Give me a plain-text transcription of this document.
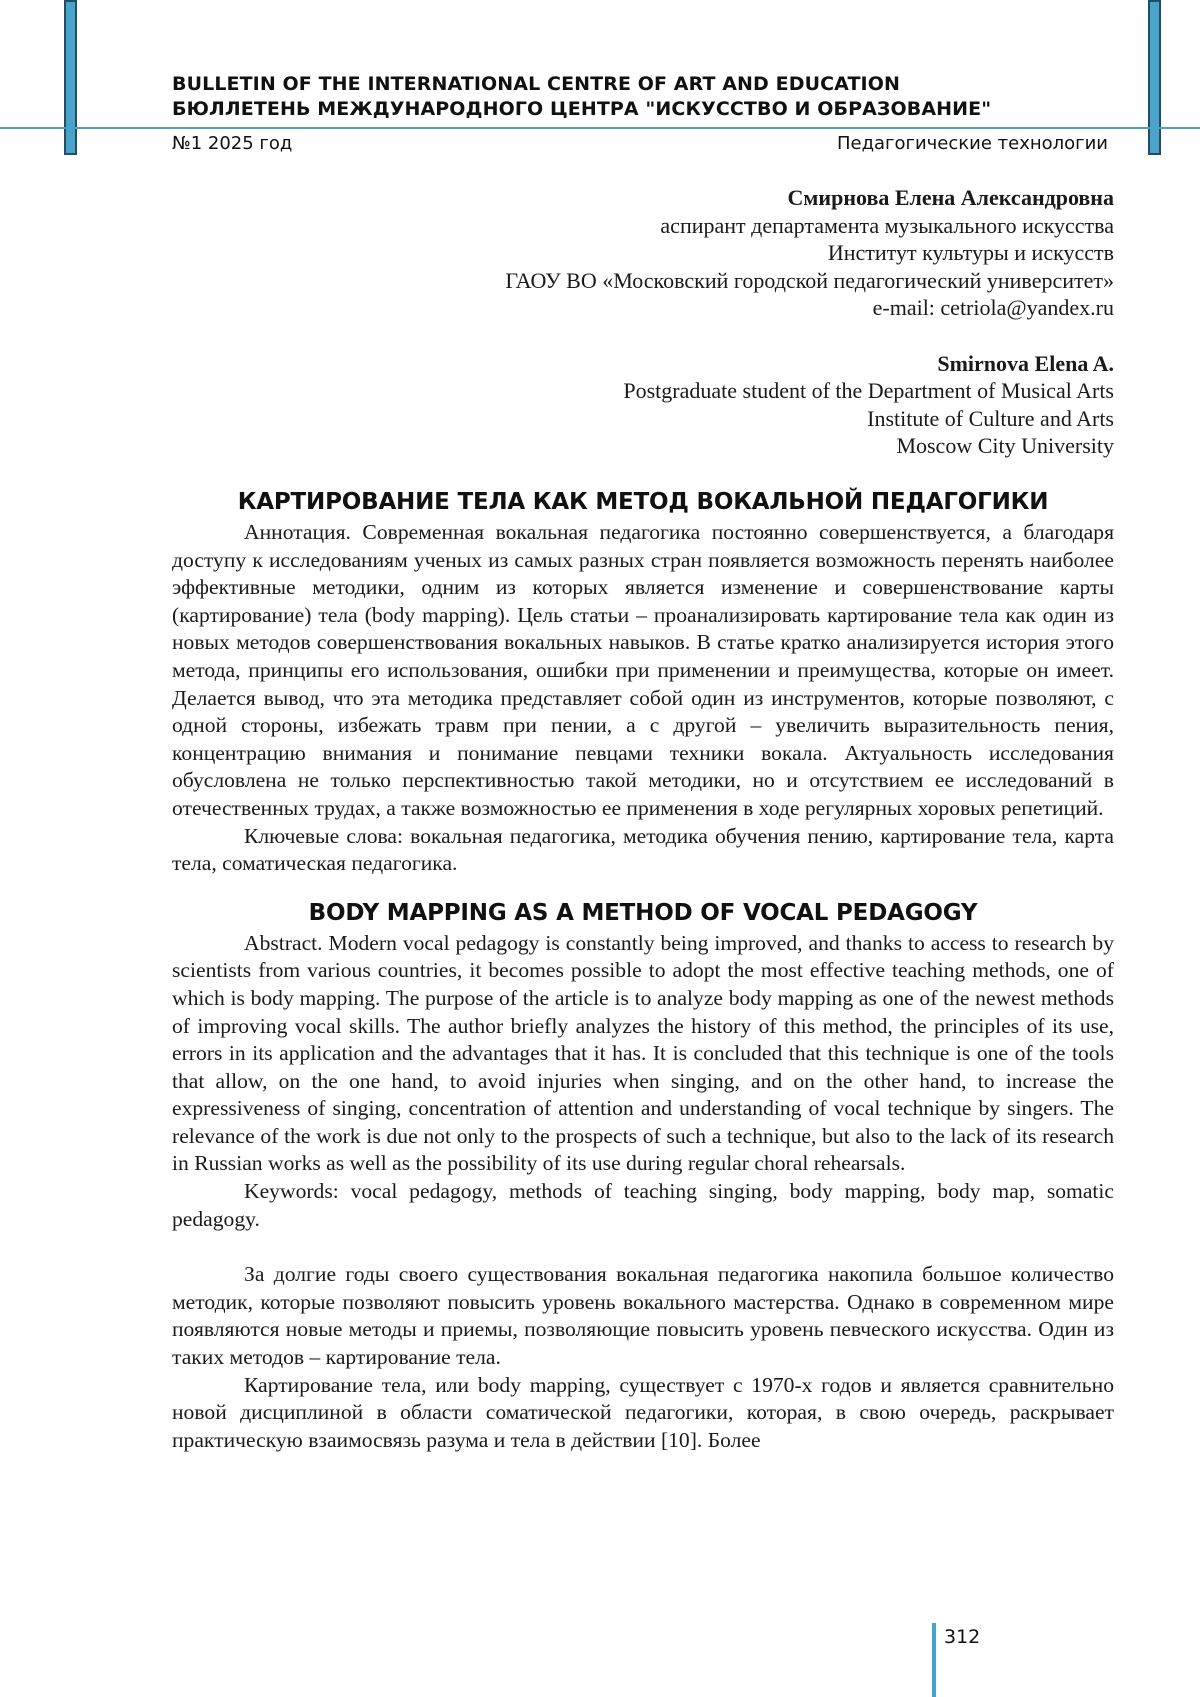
BULLETIN OF THE INTERNATIONAL CENTRE OF ART AND EDUCATION
БЮЛЛЕТЕНЬ МЕЖДУНАРОДНОГО ЦЕНТРА "ИСКУССТВО И ОБРАЗОВАНИЕ"
№1 2025 год	Педагогические технологии
Смирнова Елена Александровна
аспирант департамента музыкального искусства
Институт культуры и искусств
ГАОУ ВО «Московский городской педагогический университет»
e-mail: cetriola@yandex.ru
Smirnova Elena A.
Postgraduate student of the Department of Musical Arts
Institute of Culture and Arts
Moscow City University
КАРТИРОВАНИЕ ТЕЛА КАК МЕТОД ВОКАЛЬНОЙ ПЕДАГОГИКИ

Аннотация. Современная вокальная педагогика постоянно совершенствуется, а благодаря доступу к исследованиям ученых из самых разных стран появляется возможность перенять наиболее эффективные методики, одним из которых является изменение и совершенствование карты (картирование) тела (body mapping). Цель статьи – проанализировать картирование тела как один из новых методов совершенствования вокальных навыков. В статье кратко анализируется история этого метода, принципы его использования, ошибки при применении и преимущества, которые он имеет. Делается вывод, что эта методика представляет собой один из инструментов, которые позволяют, с одной стороны, избежать травм при пении, а с другой – увеличить выразительность пения, концентрацию внимания и понимание певцами техники вокала. Актуальность исследования обусловлена не только перспективностью такой методики, но и отсутствием ее исследований в отечественных трудах, а также возможностью ее применения в ходе регулярных хоровых репетиций.

Ключевые слова: вокальная педагогика, методика обучения пению, картирование тела, карта тела, соматическая педагогика.

BODY MAPPING AS A METHOD OF VOCAL PEDAGOGY

Abstract. Modern vocal pedagogy is constantly being improved, and thanks to access to research by scientists from various countries, it becomes possible to adopt the most effective teaching methods, one of which is body mapping. The purpose of the article is to analyze body mapping as one of the newest methods of improving vocal skills. The author briefly analyzes the history of this method, the principles of its use, errors in its application and the advantages that it has. It is concluded that this technique is one of the tools that allow, on the one hand, to avoid injuries when singing, and on the other hand, to increase the expressiveness of singing, concentration of attention and understanding of vocal technique by singers. The relevance of the work is due not only to the prospects of such a technique, but also to the lack of its research in Russian works as well as the possibility of its use during regular choral rehearsals.

Keywords: vocal pedagogy, methods of teaching singing, body mapping, body map, somatic pedagogy.

За долгие годы своего существования вокальная педагогика накопила большое количество методик, которые позволяют повысить уровень вокального мастерства. Однако в современном мире появляются новые методы и приемы, позволяющие повысить уровень певческого искусства. Один из таких методов – картирование тела.

Картирование тела, или body mapping, существует с 1970-х годов и является сравнительно новой дисциплиной в области соматической педагогики, которая, в свою очередь, раскрывает практическую взаимосвязь разума и тела в действии [10]. Более

312
